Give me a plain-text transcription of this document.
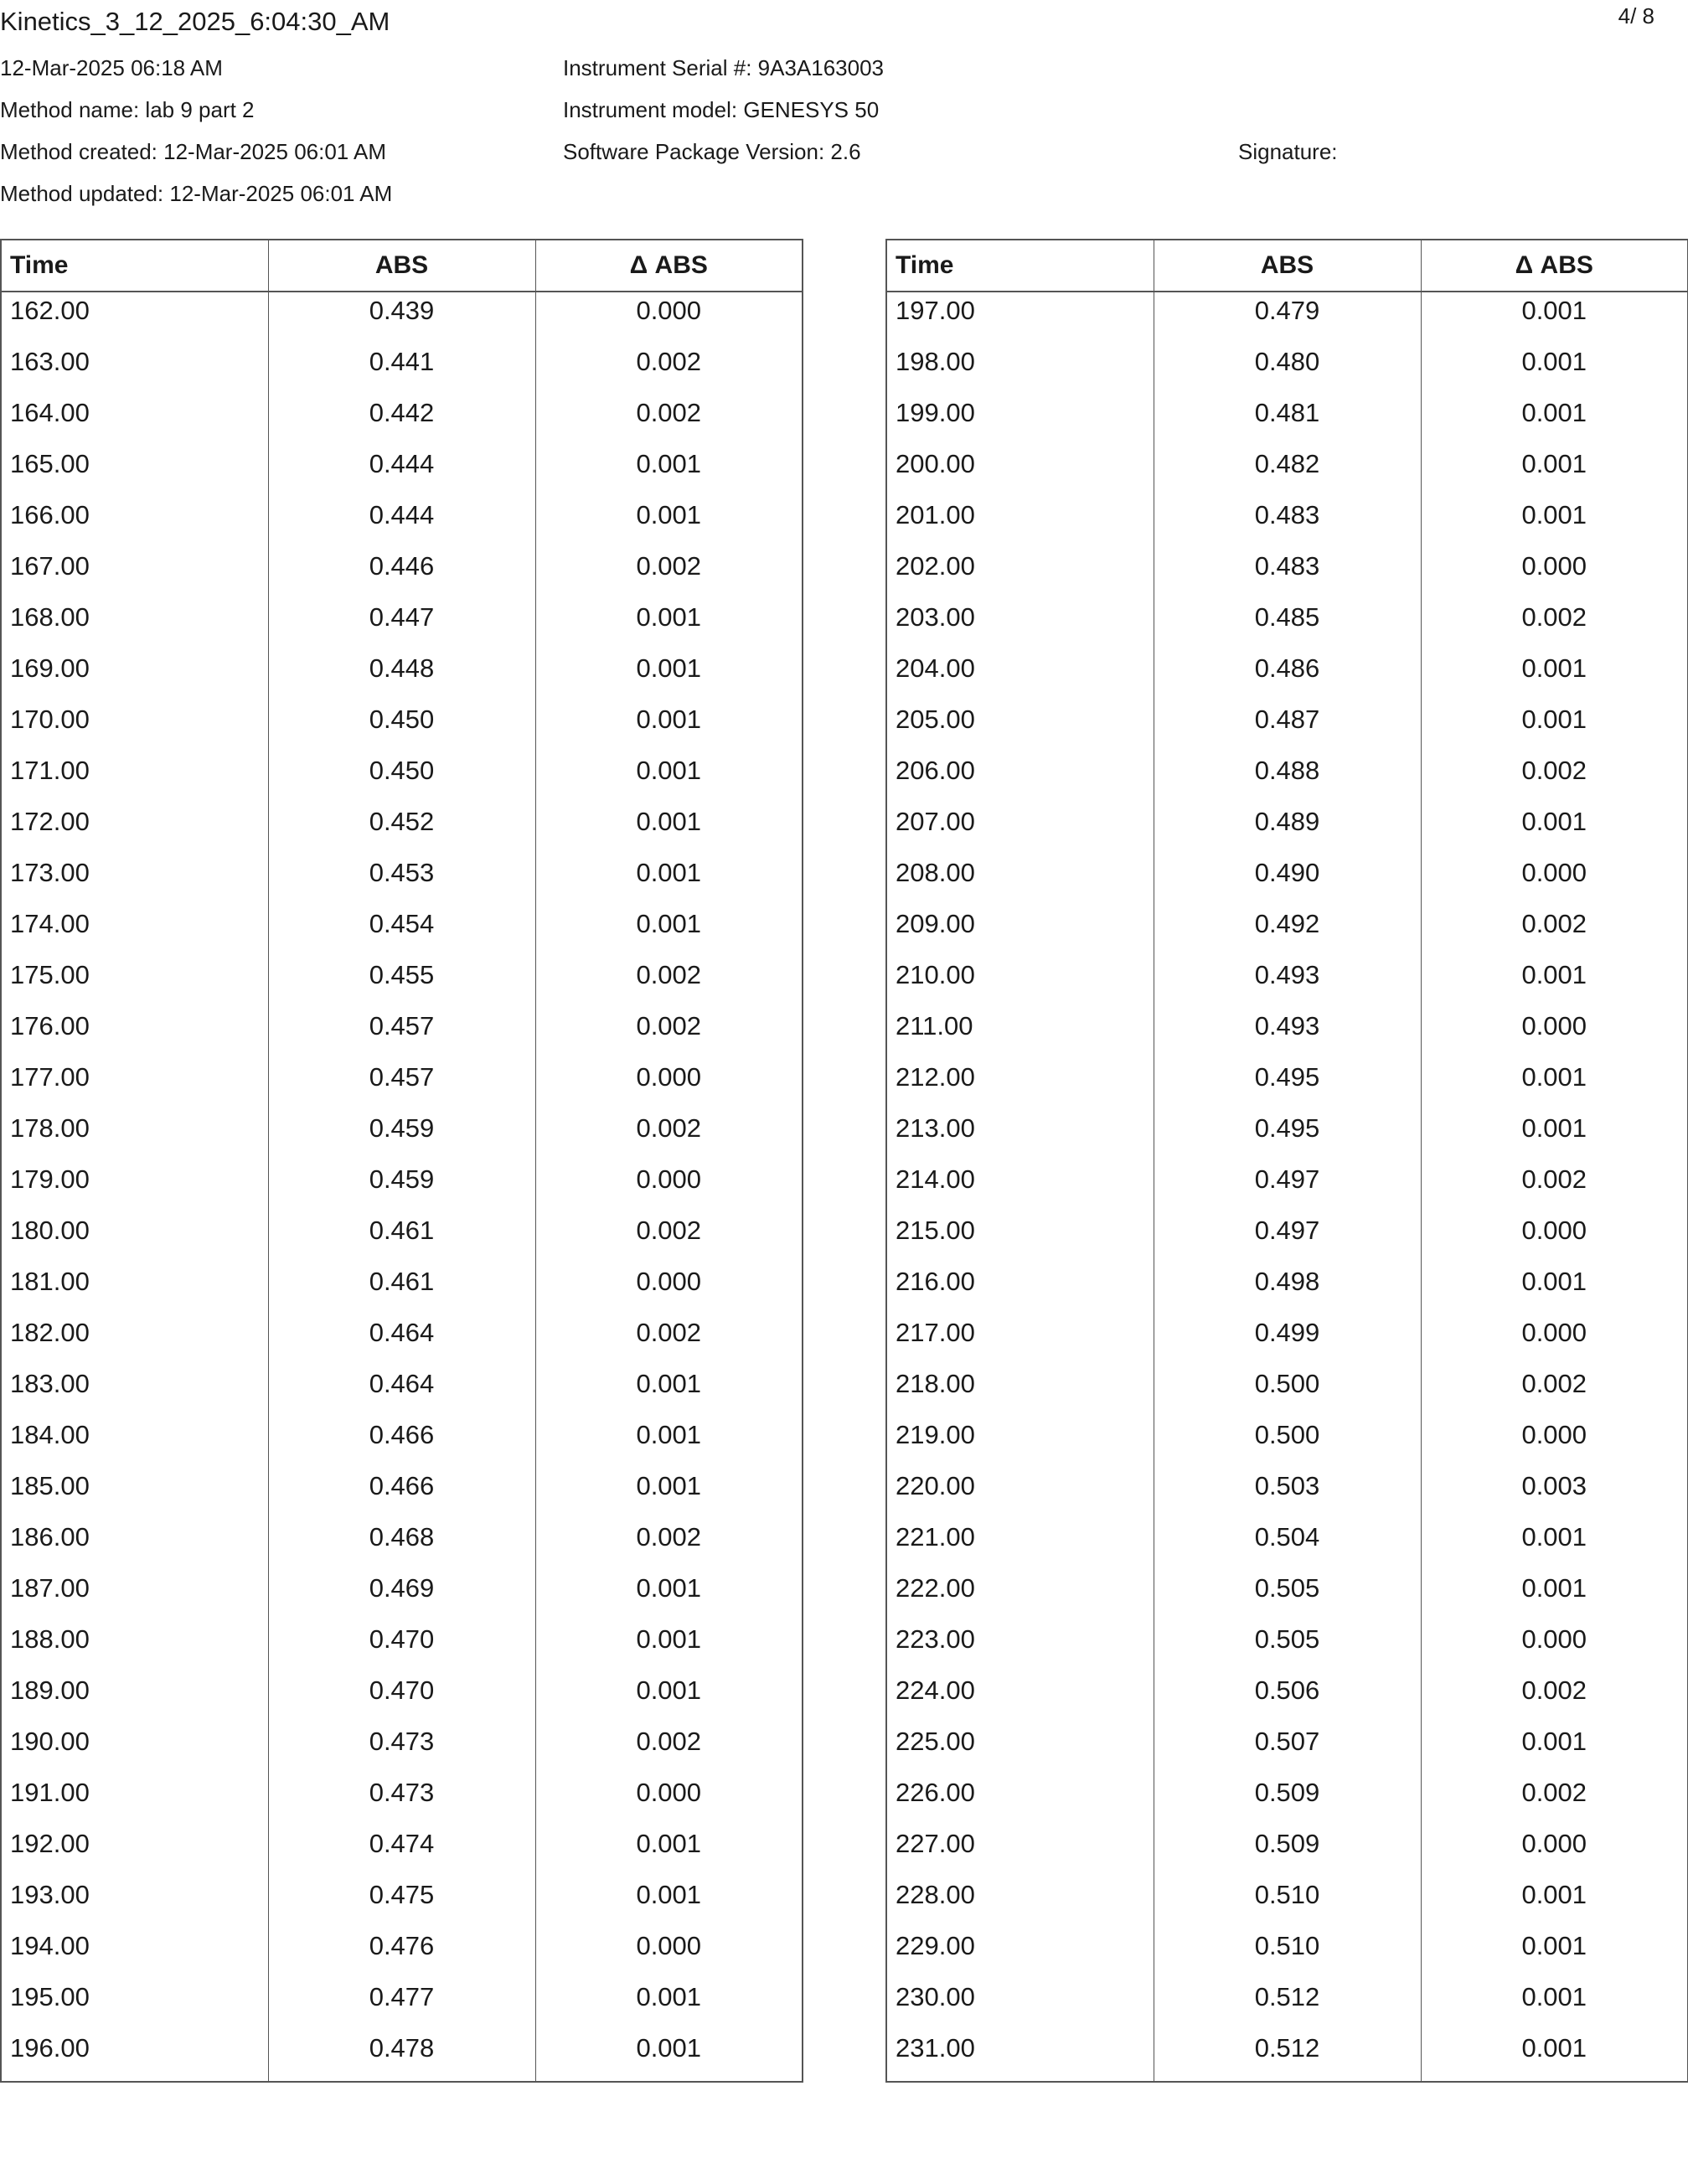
Kinetics_3_12_2025_6:04:30_AM	4/ 8
12-Mar-2025 06:18 AM
Method name: lab 9 part 2
Method created: 12-Mar-2025 06:01 AM
Method updated: 12-Mar-2025 06:01 AM
Instrument Serial #: 9A3A163003
Instrument model: GENESYS 50
Software Package Version: 2.6	Signature:
Time	ABS	Δ ABS
162.00	0.439	0.000
163.00	0.441	0.002
164.00	0.442	0.002
165.00	0.444	0.001
166.00	0.444	0.001
167.00	0.446	0.002
168.00	0.447	0.001
169.00	0.448	0.001
170.00	0.450	0.001
171.00	0.450	0.001
172.00	0.452	0.001
173.00	0.453	0.001
174.00	0.454	0.001
175.00	0.455	0.002
176.00	0.457	0.002
177.00	0.457	0.000
178.00	0.459	0.002
179.00	0.459	0.000
180.00	0.461	0.002
181.00	0.461	0.000
182.00	0.464	0.002
183.00	0.464	0.001
184.00	0.466	0.001
185.00	0.466	0.001
186.00	0.468	0.002
187.00	0.469	0.001
188.00	0.470	0.001
189.00	0.470	0.001
190.00	0.473	0.002
191.00	0.473	0.000
192.00	0.474	0.001
193.00	0.475	0.001
194.00	0.476	0.000
195.00	0.477	0.001
196.00	0.478	0.001

Time	ABS	Δ ABS
197.00	0.479	0.001
198.00	0.480	0.001
199.00	0.481	0.001
200.00	0.482	0.001
201.00	0.483	0.001
202.00	0.483	0.000
203.00	0.485	0.002
204.00	0.486	0.001
205.00	0.487	0.001
206.00	0.488	0.002
207.00	0.489	0.001
208.00	0.490	0.000
209.00	0.492	0.002
210.00	0.493	0.001
211.00	0.493	0.000
212.00	0.495	0.001
213.00	0.495	0.001
214.00	0.497	0.002
215.00	0.497	0.000
216.00	0.498	0.001
217.00	0.499	0.000
218.00	0.500	0.002
219.00	0.500	0.000
220.00	0.503	0.003
221.00	0.504	0.001
222.00	0.505	0.001
223.00	0.505	0.000
224.00	0.506	0.002
225.00	0.507	0.001
226.00	0.509	0.002
227.00	0.509	0.000
228.00	0.510	0.001
229.00	0.510	0.001
230.00	0.512	0.001
231.00	0.512	0.001
